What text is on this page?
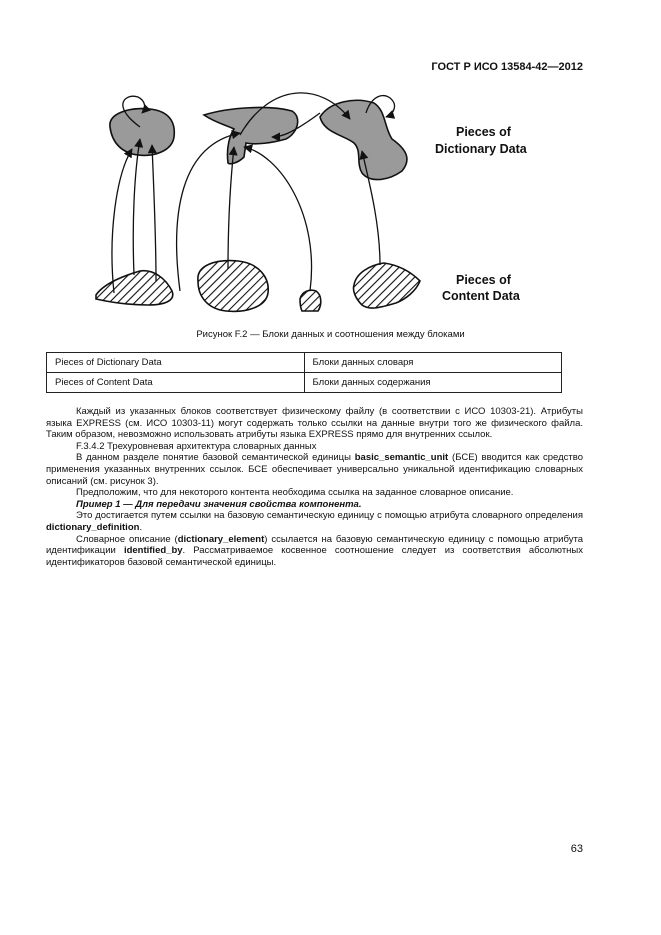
ГОСТ Р ИСО 13584-42—2012
Pieces of
Dictionary Data
Pieces of
Content Data
Рисунок F.2 — Блоки данных и соотношения между блоками
Pieces of Dictionary Data	Блоки данных словаря
Pieces of Content Data	Блоки данных содержания

Каждый из указанных блоков соответствует физическому файлу (в соответствии с ИСО 10303-21). Атрибуты языка EXPRESS (см. ИСО 10303-11) могут содержать только ссылки на данные внутри того же физического файла. Таким образом, невозможно использовать атрибуты языка EXPRESS прямо для внутренних ссылок.

F.3.4.2 Трехуровневая архитектура словарных данных

В данном разделе понятие базовой семантической единицы basic_semantic_unit (БСЕ) вводится как средство применения указанных внутренних ссылок. БСЕ обеспечивает универсально уникальной идентификацию словарных описаний (см. рисунок 3).

Предположим, что для некоторого контента необходима ссылка на заданное словарное описание.

Пример 1 — Для передачи значения свойства компонента.

Это достигается путем ссылки на базовую семантическую единицу с помощью атрибута словарного определения dictionary_definition.

Словарное описание (dictionary_element) ссылается на базовую семантическую единицу с помощью атрибута идентификации identified_by. Рассматриваемое косвенное соотношение следует из соответствия абсолютных идентификаторов базовой семантической единицы.

63
